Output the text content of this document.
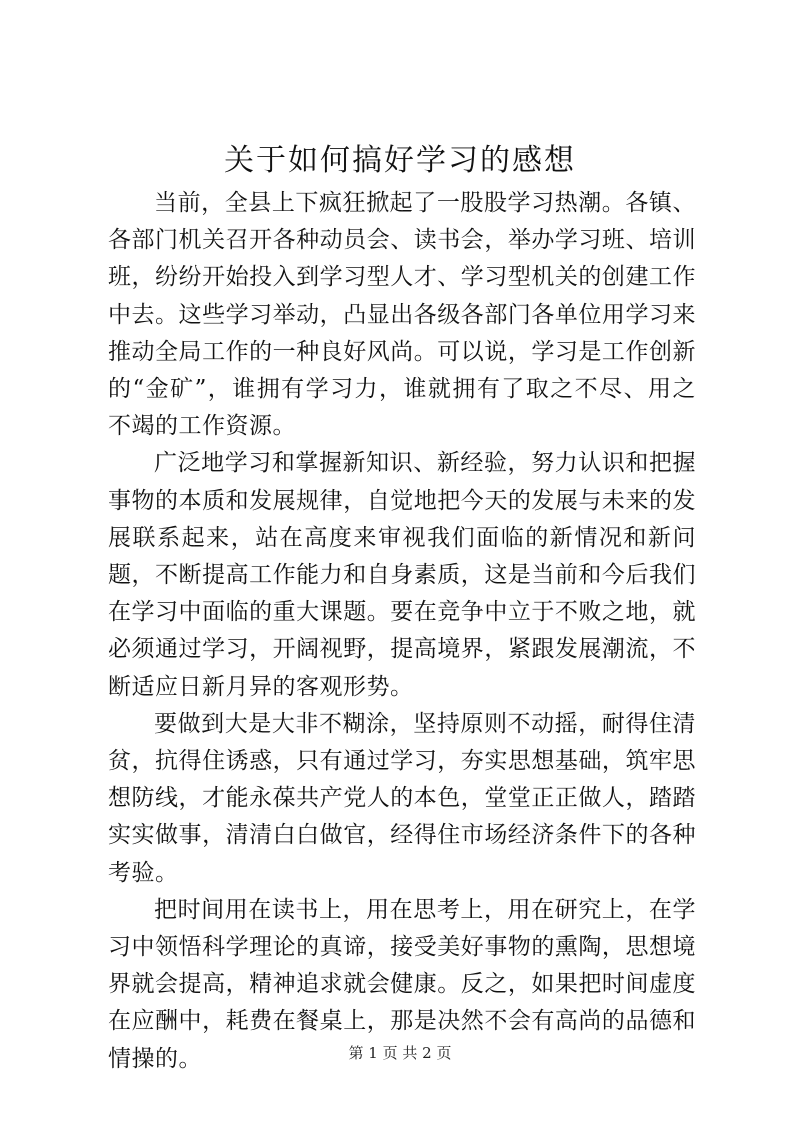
关于如何搞好学习的感想

当前，全县上下疯狂掀起了一股股学习热潮。各镇、各部门机关召开各种动员会、读书会，举办学习班、培训班，纷纷开始投入到学习型人才、学习型机关的创建工作中去。这些学习举动，凸显出各级各部门各单位用学习来推动全局工作的一种良好风尚。可以说，学习是工作创新的“金矿”，谁拥有学习力，谁就拥有了取之不尽、用之不竭的工作资源。

广泛地学习和掌握新知识、新经验，努力认识和把握事物的本质和发展规律，自觉地把今天的发展与未来的发展联系起来，站在高度来审视我们面临的新情况和新问题，不断提高工作能力和自身素质，这是当前和今后我们在学习中面临的重大课题。要在竞争中立于不败之地，就必须通过学习，开阔视野，提高境界，紧跟发展潮流，不断适应日新月异的客观形势。

要做到大是大非不糊涂，坚持原则不动摇，耐得住清贫，抗得住诱惑，只有通过学习，夯实思想基础，筑牢思想防线，才能永葆共产党人的本色，堂堂正正做人，踏踏实实做事，清清白白做官，经得住市场经济条件下的各种考验。

把时间用在读书上，用在思考上，用在研究上，在学习中领悟科学理论的真谛，接受美好事物的熏陶，思想境界就会提高，精神追求就会健康。反之，如果把时间虚度在应酬中，耗费在餐桌上，那是决然不会有高尚的品德和情操的。	第 1 页 共 2 页
